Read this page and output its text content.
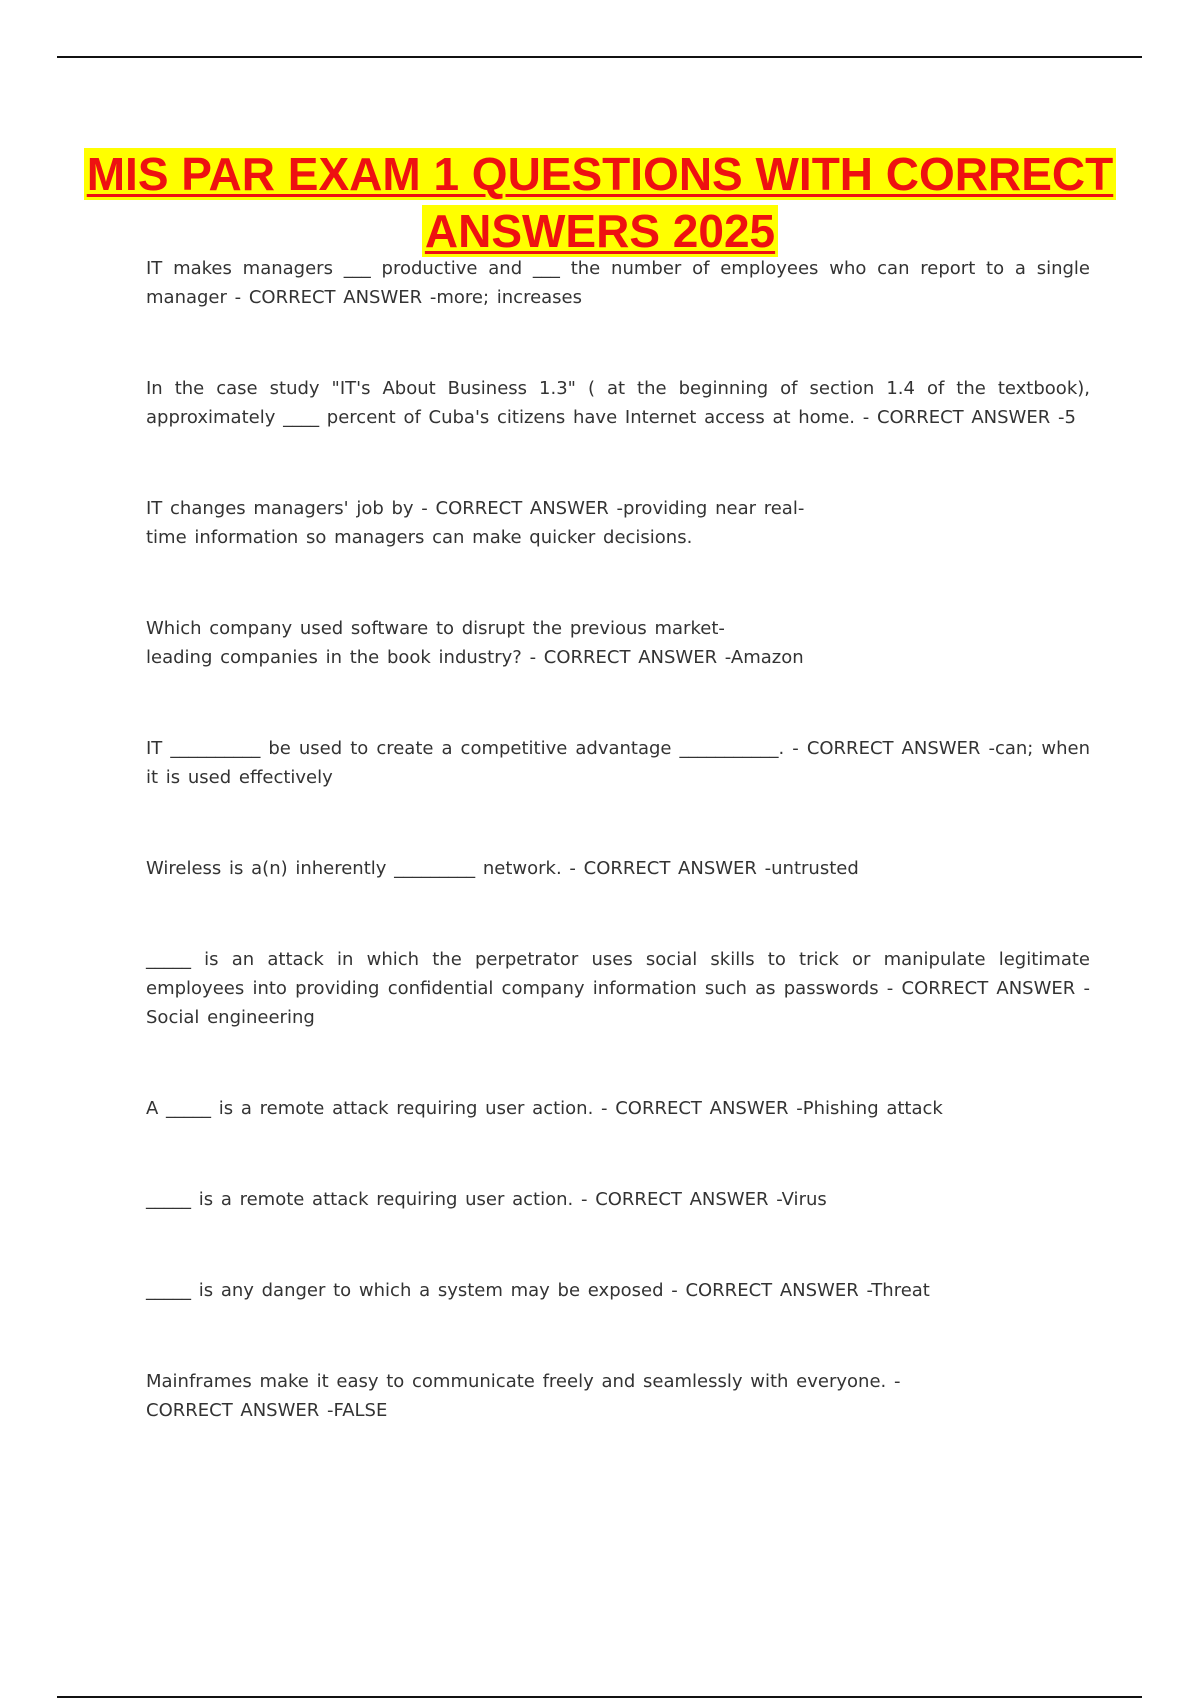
MIS PAR EXAM 1 QUESTIONS WITH CORRECT ANSWERS 2025

IT makes managers ___ productive and ___ the number of employees who can report to a single manager - CORRECT ANSWER -more; increases

In the case study "IT's About Business 1.3" ( at the beginning of section 1.4 of the textbook), approximately ____ percent of Cuba's citizens have Internet access at home. - CORRECT ANSWER -5

IT changes managers' job by - CORRECT ANSWER -providing near real-
time information so managers can make quicker decisions.

Which company used software to disrupt the previous market-
leading companies in the book industry? - CORRECT ANSWER -Amazon

IT __________ be used to create a competitive advantage ___________. - CORRECT ANSWER -can; when it is used effectively

Wireless is a(n) inherently _________ network. - CORRECT ANSWER -untrusted

_____ is an attack in which the perpetrator uses social skills to trick or manipulate legitimate employees into providing confidential company information such as passwords - CORRECT ANSWER -Social engineering

A _____ is a remote attack requiring user action. - CORRECT ANSWER -Phishing attack

_____ is a remote attack requiring user action. - CORRECT ANSWER -Virus

_____ is any danger to which a system may be exposed - CORRECT ANSWER -Threat

Mainframes make it easy to communicate freely and seamlessly with everyone. -
CORRECT ANSWER -FALSE
